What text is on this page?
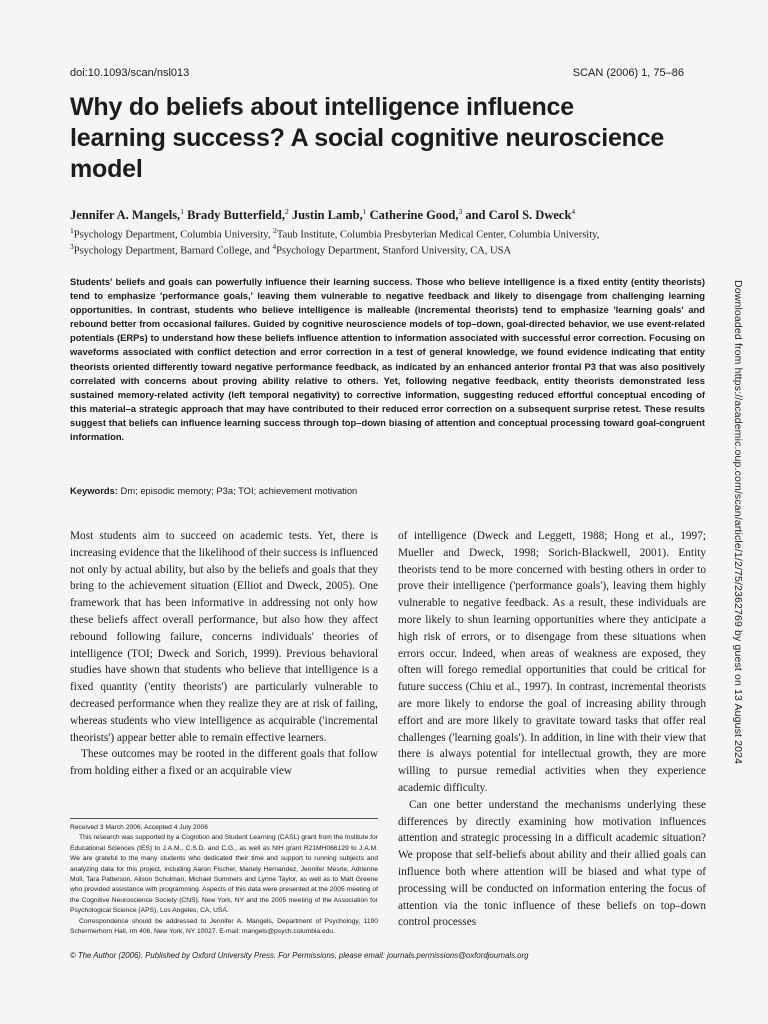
doi:10.1093/scan/nsl013	SCAN (2006) 1, 75–86
Why do beliefs about intelligence influence learning success? A social cognitive neuroscience model
Jennifer A. Mangels,$^1$ Brady Butterfield,$^2$ Justin Lamb,$^1$ Catherine Good,$^3$ and Carol S. Dweck$^4$
$^1$Psychology Department, Columbia University, $^2$Taub Institute, Columbia Presbyterian Medical Center, Columbia University,
$^3$Psychology Department, Barnard College, and $^4$Psychology Department, Stanford University, CA, USA

Students' beliefs and goals can powerfully influence their learning success. Those who believe intelligence is a fixed entity (entity theorists) tend to emphasize 'performance goals,' leaving them vulnerable to negative feedback and likely to disengage from challenging learning opportunities. In contrast, students who believe intelligence is malleable (incremental theorists) tend to emphasize 'learning goals' and rebound better from occasional failures. Guided by cognitive neuroscience models of top–down, goal-directed behavior, we use event-related potentials (ERPs) to understand how these beliefs influence attention to information associated with successful error correction. Focusing on waveforms associated with conflict detection and error correction in a test of general knowledge, we found evidence indicating that entity theorists oriented differently toward negative performance feedback, as indicated by an enhanced anterior frontal P3 that was also positively correlated with concerns about proving ability relative to others. Yet, following negative feedback, entity theorists demonstrated less sustained memory-related activity (left temporal negativity) to corrective information, suggesting reduced effortful conceptual encoding of this material–a strategic approach that may have contributed to their reduced error correction on a subsequent surprise retest. These results suggest that beliefs can influence learning success through top–down biasing of attention and conceptual processing toward goal-congruent information.

Keywords: Dm; episodic memory; P3a; TOI; achievement motivation	Downloaded from https://academic.oup.com/scan/article/1/2/75/2362769 by guest on 13 August 2024

Most students aim to succeed on academic tests. Yet, there is increasing evidence that the likelihood of their success is influenced not only by actual ability, but also by the beliefs and goals that they bring to the achievement situation (Elliot and Dweck, 2005). One framework that has been informative in addressing not only how these beliefs affect overall performance, but also how they affect rebound following failure, concerns individuals' theories of intelligence (TOI; Dweck and Sorich, 1999). Previous behavioral studies have shown that students who believe that intelligence is a fixed quantity ('entity theorists') are particularly vulnerable to decreased performance when they realize they are at risk of failing, whereas students who view intelligence as acquirable ('incremental theorists') appear better able to remain effective learners.

These outcomes may be rooted in the different goals that follow from holding either a fixed or an acquirable view

of intelligence (Dweck and Leggett, 1988; Hong et al., 1997; Mueller and Dweck, 1998; Sorich-Blackwell, 2001). Entity theorists tend to be more concerned with besting others in order to prove their intelligence ('performance goals'), leaving them highly vulnerable to negative feedback. As a result, these individuals are more likely to shun learning opportunities where they anticipate a high risk of errors, or to disengage from these situations when errors occur. Indeed, when areas of weakness are exposed, they often will forego remedial opportunities that could be critical for future success (Chiu et al., 1997). In contrast, incremental theorists are more likely to endorse the goal of increasing ability through effort and are more likely to gravitate toward tasks that offer real challenges ('learning goals'). In addition, in line with their view that there is always potential for intellectual growth, they are more willing to pursue remedial activities when they experience academic difficulty.

Can one better understand the mechanisms underlying these differences by directly examining how motivation influences attention and strategic processing in a difficult academic situation? We propose that self-beliefs about ability and their allied goals can influence both where attention will be biased and what type of processing will be conducted on information entering the focus of attention via the tonic influence of these beliefs on top–down control processes

Received 3 March 2006; Accepted 4 July 2006

This research was supported by a Cognition and Student Learning (CASL) grant from the Institute for Educational Sciences (IES) to J.A.M., C.S.D. and C.G., as well as NIH grant R21MH066129 to J.A.M. We are grateful to the many students who dedicated their time and support to running subjects and analyzing data for this project, including Aaron Fischer, Mariely Hernandez, Jennifer Mesrie, Adrienne Moll, Tara Patterson, Alison Schulman, Michael Summers and Lynne Taylor, as well as to Matt Greene who provided assistance with programming. Aspects of this data were presented at the 2005 meeting of the Cognitive Neuroscience Society (CNS), New York, NY and the 2005 meeting of the Association for Psychological Science (APS), Los Angeles, CA, USA.

Correspondence should be addressed to Jennifer A. Mangels, Department of Psychology, 1190 Schermerhorn Hall, rm 406, New York, NY 10027. E-mail: mangels@psych.columbia.edu.

© The Author (2006). Published by Oxford University Press. For Permissions, please email: journals.permissions@oxfordjournals.org
